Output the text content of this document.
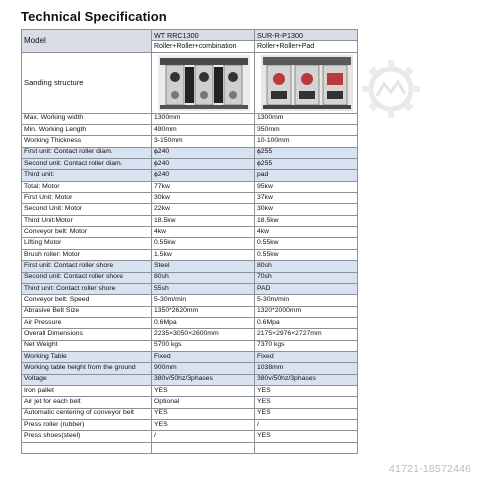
Technical Specification
Model	WT RRC1300	SUR-R-P1300
	Roller+Roller+combination	Roller+Roller+Pad
Sanding structure	

Max. Working width	1300mm	1300mm
Min. Working Length	490mm	350mm
Working Thickness	3-150mm	10-100mm
First unit: Contact roller diam.	ϕ240	ϕ255
Second unit: Contact roller diam.	ϕ240	ϕ255
Third unit:	ϕ240	pad
Total: Motor	77kw	95kw
First Unit: Motor	30kw	37kw
Second Unit: Motor	22kw	30kw
Third Unit:Motor	18.5kw	18.5kw
Conveyor belt: Motor	4kw	4kw
Lifting Motor	0.55kw	0.55kw
Brush roller: Motor	1.5kw	0.55kw
First unit: Contact roller shore	Steel	80sh
Second unit: Contact roller shore	80sh	70sh
Third unit: Contact roller shore	55sh	PAD
Conveyor belt: Speed	5-30m/min	5-30m/min
Abrasive Belt Size	1350*2620mm	1320*2000mm
Air Pressure	0.6Mpa	0.6Mpa
Overall Dimensions	2235×3050×2600mm	2175×2976×2727mm
Net Weight	5700 kgs	7370 kgs
Working Table	Fixed	Fixed
Working table height from the ground	900mm	1038mm
Voltage	380v/50hz/3phases	380v/50hz/3phases
Iron pallet	YES	YES
Air jet for each belt	Optional	YES
Automatic centering of conveyor belt	YES	YES
Press roller (rubber)	YES	/
Press shoes(steel)	/	YES

41721-18572446
